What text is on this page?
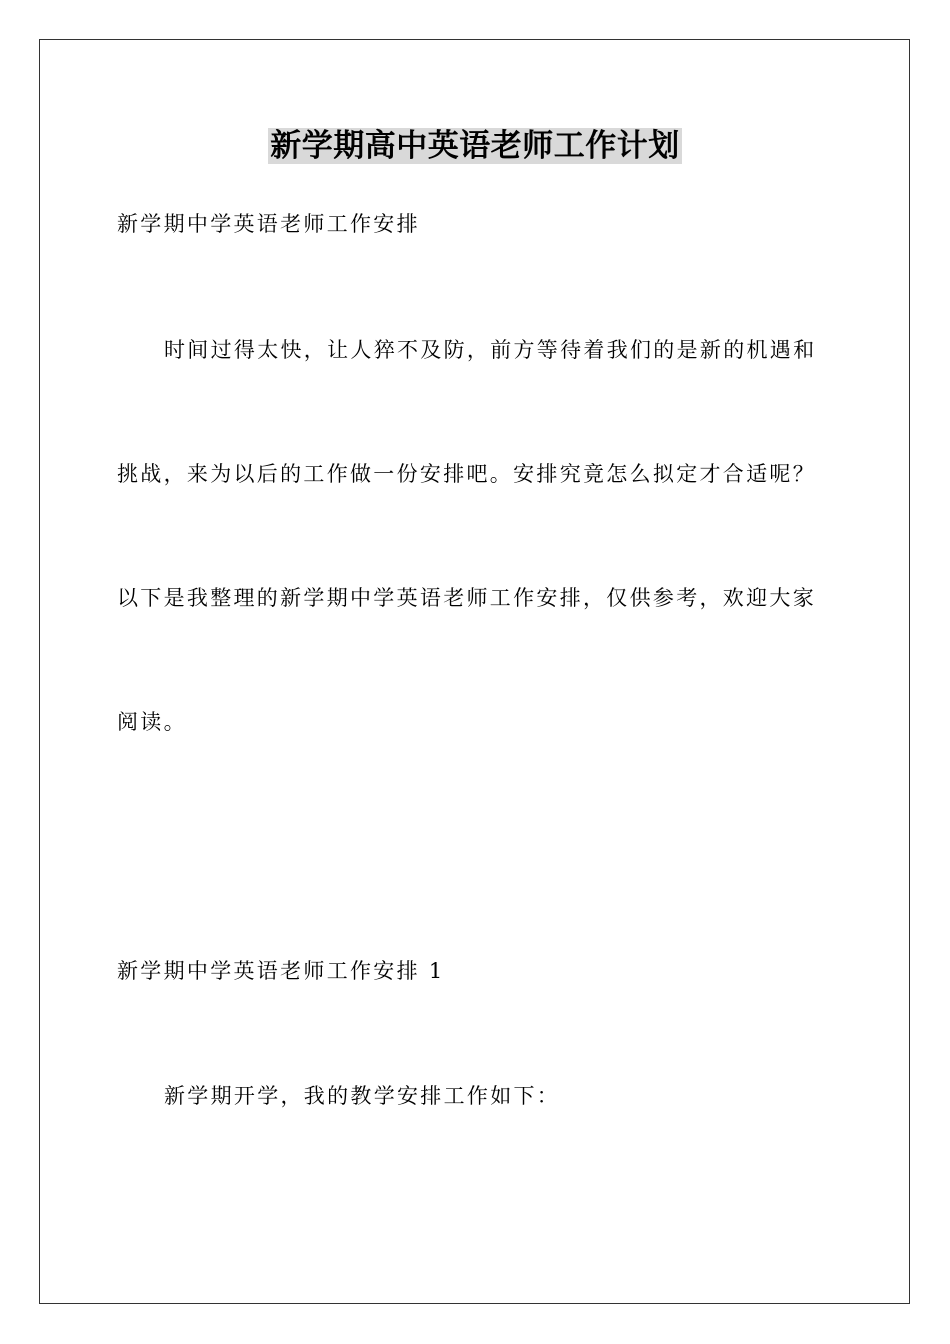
新学期高中英语老师工作计划
新学期中学英语老师工作安排
时间过得太快，让人猝不及防，前方等待着我们的是新的机遇和
挑战，来为以后的工作做一份安排吧。安排究竟怎么拟定才合适呢？
以下是我整理的新学期中学英语老师工作安排，仅供参考，欢迎大家
阅读。
新学期中学英语老师工作安排 1
新学期开学，我的教学安排工作如下：
